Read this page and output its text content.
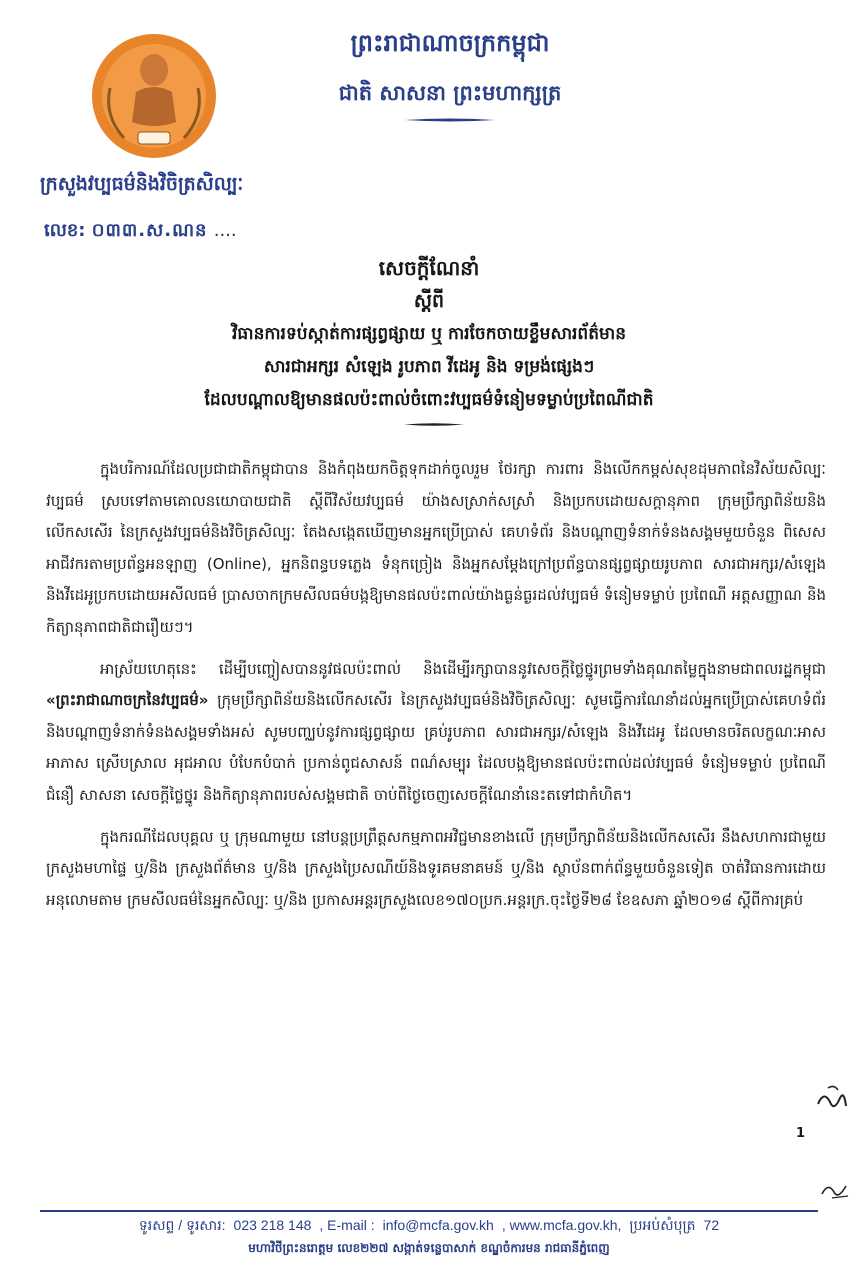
ព្រះរាជាណាចក្រកម្ពុជា
ជាតិ សាសនា ព្រះមហាក្សត្រ
ក្រសួងវប្បធម៌និងវិចិត្រសិល្បៈ
លេខ: ០៣៣.ស.ណន ....
សេចក្តីណែនាំ
ស្តីពី
វិធានការទប់ស្កាត់ការផ្សព្វផ្សាយ ឬ ការចែកចាយខ្លឹមសារព័ត៌មាន
សារជាអក្សរ សំឡេង រូបភាព វីដេអូ និង ទម្រង់ផ្សេងៗ
ដែលបណ្តាលឱ្យមានផលប៉ះពាល់ចំពោះវប្បធម៌ទំនៀមទម្លាប់ប្រពៃណីជាតិ

ក្នុងបរិការណ៍ដែលប្រជាជាតិកម្ពុជាបាន និងកំពុងយកចិត្តទុកដាក់ចូលរួម ថែរក្សា ការពារ និងលើកកម្ពស់សុខដុមភាពនៃវិស័យសិល្បៈ វប្បធម៌ ស្របទៅតាមគោលនយោបាយជាតិ ស្តីពីវិស័យវប្បធម៌ យ៉ាងសស្រាក់សស្រាំ និងប្រកបដោយសក្តានុភាព ក្រុមប្រឹក្សាពិន័យនិងលើកសសើរ នៃក្រសួងវប្បធម៌និងវិចិត្រសិល្បៈ តែងសង្កេតឃើញមានអ្នកប្រើប្រាស់ គេហទំព័រ និងបណ្តាញទំនាក់ទំនងសង្គមមួយចំនួន ពិសេសអាជីវករតាមប្រព័ន្ធអនឡាញ (Online), អ្នកនិពន្ធបទភ្លេង ទំនុកច្រៀង និងអ្នកសម្តែងក្រៅប្រព័ន្ធបានផ្សព្វផ្សាយរូបភាព សារជាអក្សរ/សំឡេង និងវីដេអូប្រកបដោយអសីលធម៌ ប្រាសចាកក្រមសីលធម៌បង្កឱ្យមានផលប៉ះពាល់យ៉ាងធ្ងន់ធ្ងរដល់វប្បធម៌ ទំនៀមទម្លាប់ ប្រពៃណី អត្តសញ្ញាណ និងកិត្យានុភាពជាតិជារឿយៗ។

អាស្រ័យហេតុនេះ ដើម្បីបញ្ចៀសបាននូវផលប៉ះពាល់ និងដើម្បីរក្សាបាននូវសេចក្តីថ្លៃថ្នូរព្រមទាំងគុណតម្លៃក្នុងនាមជាពលរដ្ឋកម្ពុជា «ព្រះរាជាណាចក្រនៃវប្បធម៌» ក្រុមប្រឹក្សាពិន័យនិងលើកសសើរ នៃក្រសួងវប្បធម៌និងវិចិត្រសិល្បៈ សូមធ្វើការណែនាំដល់អ្នកប្រើប្រាស់គេហទំព័រនិងបណ្តាញទំនាក់ទំនងសង្គមទាំងអស់ សូមបញ្ឈប់នូវការផ្សព្វផ្សាយ គ្រប់រូបភាព សារជាអក្សរ/សំឡេង និងវីដេអូ ដែលមានចរិតលក្ខណៈអាសអាភាស ស្រើបស្រាល អុជអាល បំបែកបំបាក់ ប្រកាន់ពូជសាសន៍ ពណ៌សម្បុរ ដែលបង្កឱ្យមានផលប៉ះពាល់ដល់វប្បធម៌ ទំនៀមទម្លាប់ ប្រពៃណី ជំនឿ សាសនា សេចក្តីថ្លៃថ្នូរ និងកិត្យានុភាពរបស់សង្គមជាតិ ចាប់ពីថ្ងៃចេញសេចក្តីណែនាំនេះតទៅជាកំហិត។

ក្នុងករណីដែលបុគ្គល ឬ ក្រុមណាមួយ នៅបន្តប្រព្រឹត្តសកម្មភាពអវិជ្ជមានខាងលើ ក្រុមប្រឹក្សាពិន័យនិងលើកសសើរ នឹងសហការជាមួយក្រសួងមហាផ្ទៃ ឬ/និង ក្រសួងព័ត៌មាន ឬ/និង ក្រសួងប្រៃសណីយ៍និងទូរគមនាគមន៍ ឬ/និង ស្ថាប័នពាក់ព័ន្ធមួយចំនួនទៀត ចាត់វិធានការដោយអនុលោមតាម ក្រមសីលធម៌នៃអ្នកសិល្បៈ ឬ/និង ប្រកាសអន្តរក្រសួងលេខ១៧០ប្រក.អន្តរក្រ.ចុះថ្ងៃទី២៨ ខែឧសភា ឆ្នាំ២០១៨ ស្តីពីការគ្រប់

1
ទូរសព្ទ / ទូរសារ: 023 218 148 , E-mail : info@mcfa.gov.kh , www.mcfa.gov.kh, ប្រអប់សំបុត្រ 72
មហាវិថីព្រះនរោត្តម លេខ២២៧ សង្កាត់ទន្លេបាសាក់ ខណ្ឌចំការមន រាជធានីភ្នំពេញ
